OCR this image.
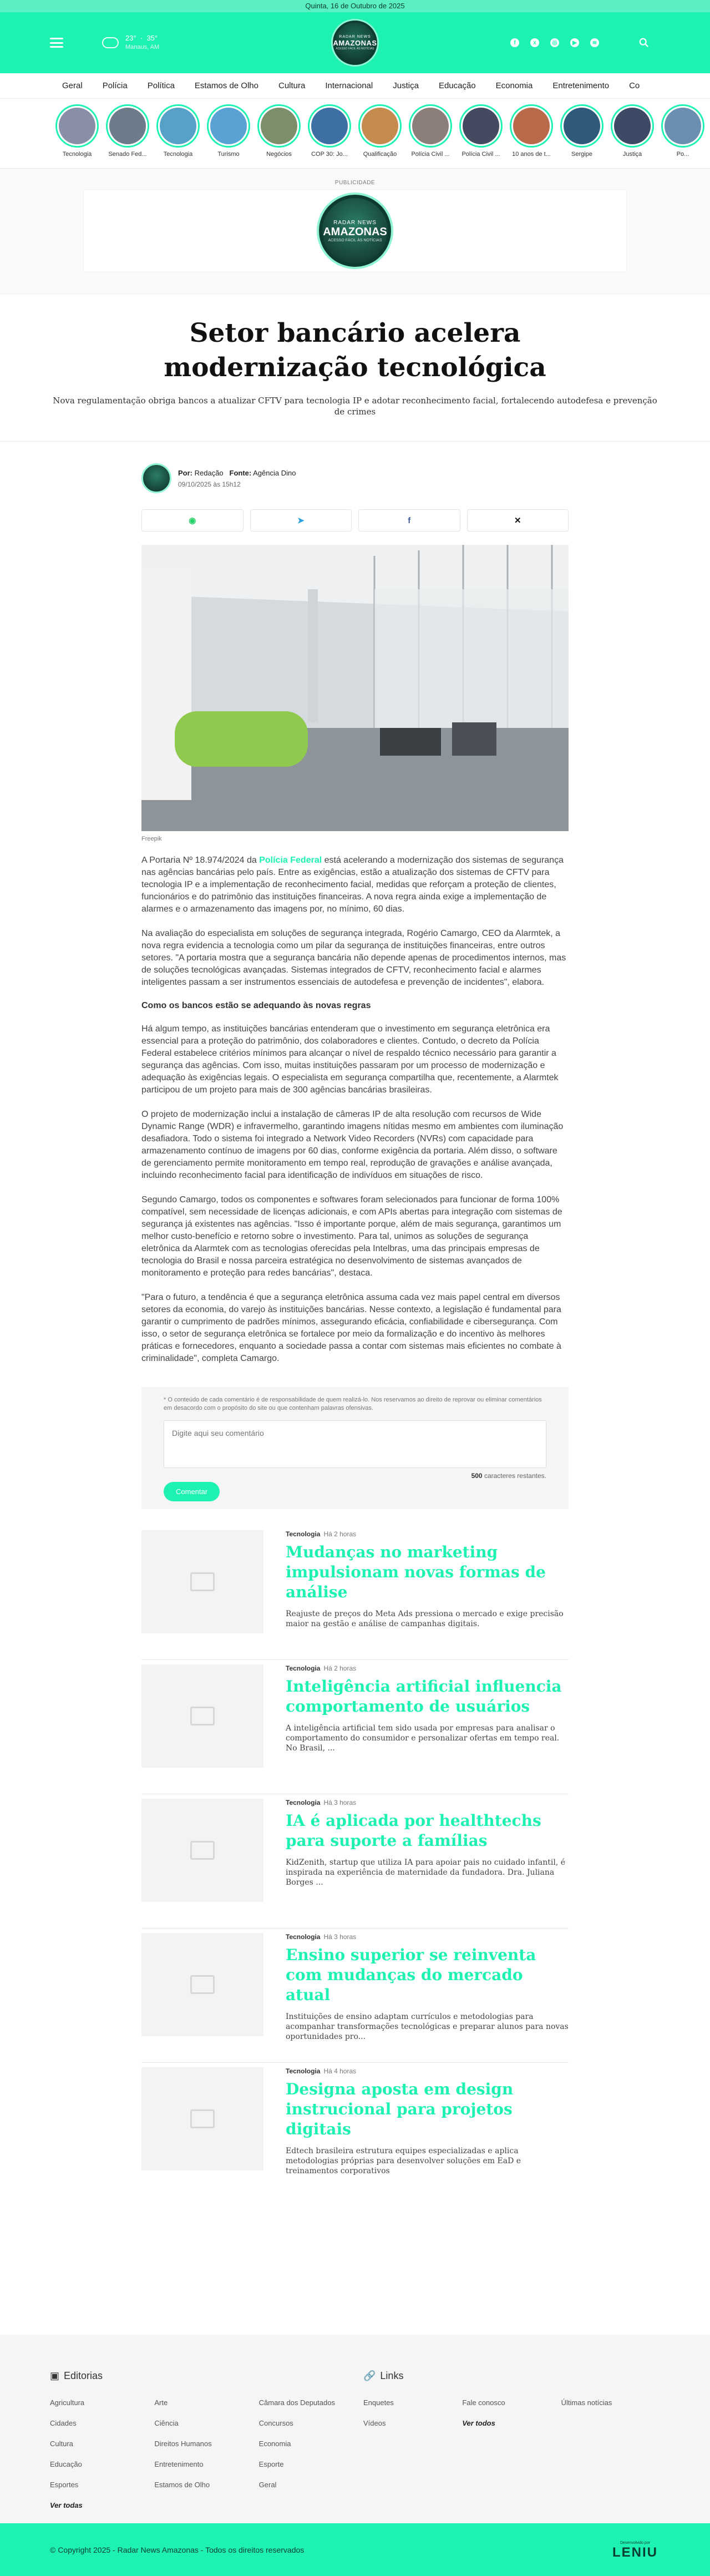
Quinta, 16 de Outubro de 2025
23°  ·  35°
Manaus, AM
RADAR NEWS
AMAZONAS
ACESSO FÁCIL ÀS NOTÍCIAS
f	x	◎	▶	≋
Geral	Polícia	Política	Estamos de Olho	Cultura	Internacional	Justiça	Educação	Economia	Entretenimento	Co
Tecnologia	Senado Fed...	Tecnologia	Turismo	Negócios	COP 30: Jo...	Qualificação	Polícia Civil ...	Polícia Civil ...	10 anos de t...	Sergipe	Justiça	Po...
PUBLICIDADE
RADAR NEWS
AMAZONAS
ACESSO FÁCIL ÀS NOTÍCIAS
Setor bancário acelera modernização tecnológica

Nova regulamentação obriga bancos a atualizar CFTV para tecnologia IP e adotar reconhecimento facial, fortalecendo autodefesa e prevenção de crimes

Por: Redação Fonte: Agência Dino
09/10/2025 às 15h12
◉	➤	f	✕
Freepik

A Portaria Nº 18.974/2024 da Polícia Federal está acelerando a modernização dos sistemas de segurança nas agências bancárias pelo país. Entre as exigências, estão a atualização dos sistemas de CFTV para tecnologia IP e a implementação de reconhecimento facial, medidas que reforçam a proteção de clientes, funcionários e do patrimônio das instituições financeiras. A nova regra ainda exige a implementação de alarmes e o armazenamento das imagens por, no mínimo, 60 dias.

Na avaliação do especialista em soluções de segurança integrada, Rogério Camargo, CEO da Alarmtek, a nova regra evidencia a tecnologia como um pilar da segurança de instituições financeiras, entre outros setores. "A portaria mostra que a segurança bancária não depende apenas de procedimentos internos, mas de soluções tecnológicas avançadas. Sistemas integrados de CFTV, reconhecimento facial e alarmes inteligentes passam a ser instrumentos essenciais de autodefesa e prevenção de incidentes", elabora.

Como os bancos estão se adequando às novas regras

Há algum tempo, as instituições bancárias entenderam que o investimento em segurança eletrônica era essencial para a proteção do patrimônio, dos colaboradores e clientes. Contudo, o decreto da Polícia Federal estabelece critérios mínimos para alcançar o nível de respaldo técnico necessário para garantir a segurança das agências. Com isso, muitas instituições passaram por um processo de modernização e adequação às exigências legais. O especialista em segurança compartilha que, recentemente, a Alarmtek participou de um projeto para mais de 300 agências bancárias brasileiras.

O projeto de modernização inclui a instalação de câmeras IP de alta resolução com recursos de Wide Dynamic Range (WDR) e infravermelho, garantindo imagens nítidas mesmo em ambientes com iluminação desafiadora. Todo o sistema foi integrado a Network Video Recorders (NVRs) com capacidade para armazenamento contínuo de imagens por 60 dias, conforme exigência da portaria. Além disso, o software de gerenciamento permite monitoramento em tempo real, reprodução de gravações e análise avançada, incluindo reconhecimento facial para identificação de indivíduos em situações de risco.

Segundo Camargo, todos os componentes e softwares foram selecionados para funcionar de forma 100% compatível, sem necessidade de licenças adicionais, e com APIs abertas para integração com sistemas de segurança já existentes nas agências. "Isso é importante porque, além de mais segurança, garantimos um melhor custo-benefício e retorno sobre o investimento. Para tal, unimos as soluções de segurança eletrônica da Alarmtek com as tecnologias oferecidas pela Intelbras, uma das principais empresas de tecnologia do Brasil e nossa parceira estratégica no desenvolvimento de sistemas avançados de monitoramento e proteção para redes bancárias", destaca.

"Para o futuro, a tendência é que a segurança eletrônica assuma cada vez mais papel central em diversos setores da economia, do varejo às instituições bancárias. Nesse contexto, a legislação é fundamental para garantir o cumprimento de padrões mínimos, assegurando eficácia, confiabilidade e cibersegurança. Com isso, o setor de segurança eletrônica se fortalece por meio da formalização e do incentivo às melhores práticas e fornecedores, enquanto a sociedade passa a contar com sistemas mais eficientes no combate à criminalidade", completa Camargo.

* O conteúdo de cada comentário é de responsabilidade de quem realizá-lo. Nos reservamos ao direito de reprovar ou eliminar comentários em desacordo com o propósito do site ou que contenham palavras ofensivas.
Digite aqui seu comentário
500 caracteres restantes.
Comentar
Tecnologia Há 2 horas
Mudanças no marketing impulsionam novas formas de análise
Reajuste de preços do Meta Ads pressiona o mercado e exige precisão maior na gestão e análise de campanhas digitais.
Tecnologia Há 2 horas
Inteligência artificial influencia comportamento de usuários
A inteligência artificial tem sido usada por empresas para analisar o comportamento do consumidor e personalizar ofertas em tempo real. No Brasil, ...
Tecnologia Há 3 horas
IA é aplicada por healthtechs para suporte a famílias
KidZenith, startup que utiliza IA para apoiar pais no cuidado infantil, é inspirada na experiência de maternidade da fundadora. Dra. Juliana Borges ...
Tecnologia Há 3 horas
Ensino superior se reinventa com mudanças do mercado atual
Instituições de ensino adaptam currículos e metodologias para acompanhar transformações tecnológicas e preparar alunos para novas oportunidades pro...
Tecnologia Há 4 horas
Designa aposta em design instrucional para projetos digitais
Edtech brasileira estrutura equipes especializadas e aplica metodologias próprias para desenvolver soluções em EaD e treinamentos corporativos
▣ Editorias
Agricultura	Arte	Câmara dos Deputados
Cidades	Ciência	Concursos
Cultura	Direitos Humanos	Economia
Educação	Entretenimento	Esporte
Esportes	Estamos de Olho	Geral
Ver todas
🔗 Links
Enquetes	Fale conosco	Últimas notícias
Vídeos	Ver todos
© Copyright 2025 - Radar News Amazonas - Todos os direitos reservados
Desenvolvido por
LENIU
